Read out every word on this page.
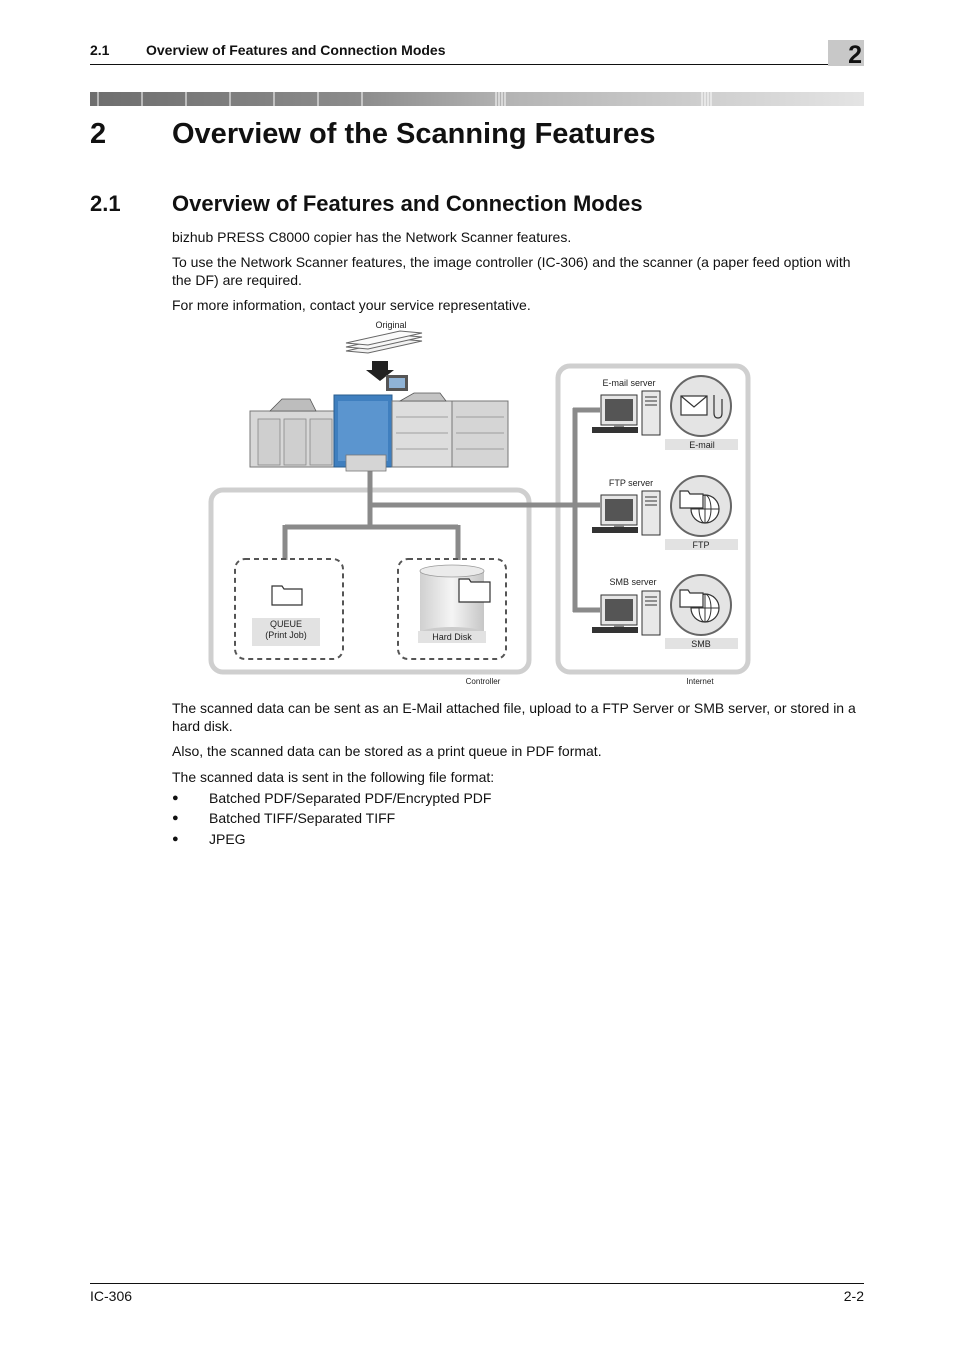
2.1	Overview of Features and Connection Modes	2
2 Overview of the Scanning Features
2.1 Overview of Features and Connection Modes

bizhub PRESS C8000 copier has the Network Scanner features.

To use the Network Scanner features, the image controller (IC-306) and the scanner (a paper feed option with the DF) are required.

For more information, contact your service representative.

Original
QUEUE
(Print Job)	Hard Disk
E-mail server
E-mail
FTP server
FTP
SMB server
SMB
Controller	Internet

The scanned data can be sent as an E-Mail attached file, upload to a FTP Server or SMB server, or stored in a hard disk.

Also, the scanned data can be stored as a print queue in PDF format.

The scanned data is sent in the following file format:

● Batched PDF/Separated PDF/Encrypted PDF
● Batched TIFF/Separated TIFF
● JPEG
IC-306	2-2
